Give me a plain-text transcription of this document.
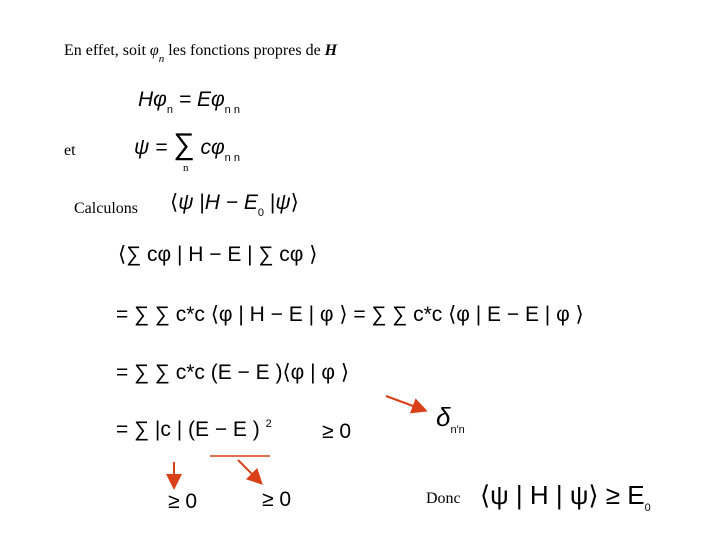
En effet, soit $\varphi_n$ les fonctions propres de H
$H\varphi_n = E\varphi_{n n}$
et	ψ = ∑ $c\varphi_{n n}$
n
Calculons ⟨ψ $|H - E_0$ |ψ⟩
⟨∑ cφ | H − E | ∑ cφ ⟩
= ∑ ∑ c*c ⟨φ | H − E | φ ⟩ = ∑ ∑ c*c ⟨φ | E − E | φ ⟩
= ∑ ∑ c*c (E − E )⟨φ | φ ⟩
= ∑ |c | (E − E ) $^2$ ≥ 0	$\delta_{n'n}$
≥ 0	≥ 0	Donc ⟨ψ | H | ψ⟩ ≥ $E_0$
